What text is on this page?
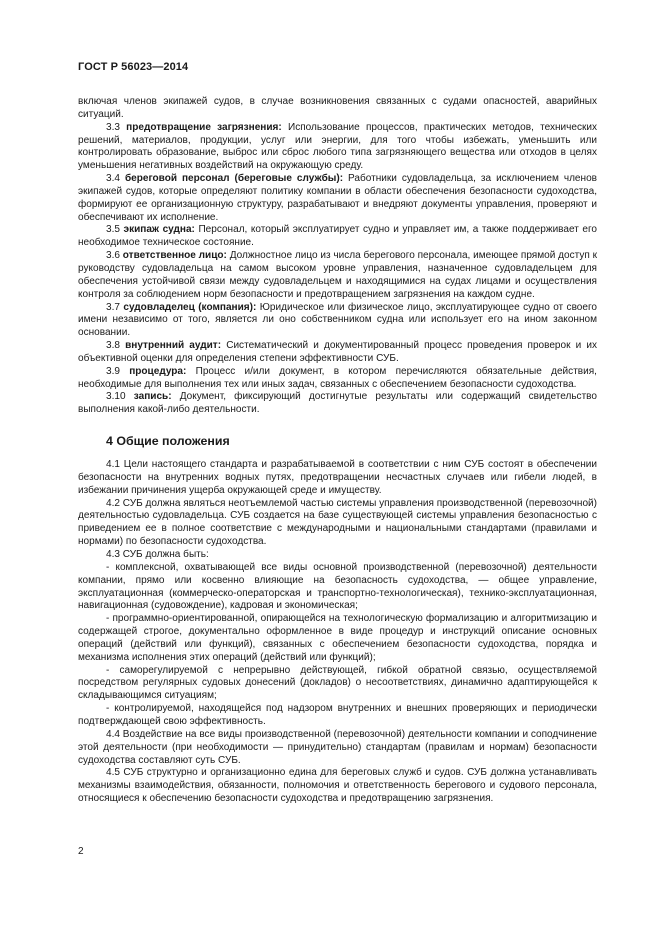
ГОСТ Р 56023—2014

включая членов экипажей судов, в случае возникновения связанных с судами опасностей, аварийных ситуаций.

3.3 предотвращение загрязнения: Использование процессов, практических методов, технических решений, материалов, продукции, услуг или энергии, для того чтобы избежать, уменьшить или контролировать образование, выброс или сброс любого типа загрязняющего вещества или отходов в целях уменьшения негативных воздействий на окружающую среду.

3.4 береговой персонал (береговые службы): Работники судовладельца, за исключением членов экипажей судов, которые определяют политику компании в области обеспечения безопасности судоходства, формируют ее организационную структуру, разрабатывают и внедряют документы управления, проверяют и обеспечивают их исполнение.

3.5 экипаж судна: Персонал, который эксплуатирует судно и управляет им, а также поддерживает его необходимое техническое состояние.

3.6 ответственное лицо: Должностное лицо из числа берегового персонала, имеющее прямой доступ к руководству судовладельца на самом высоком уровне управления, назначенное судовладельцем для обеспечения устойчивой связи между судовладельцем и находящимися на судах лицами и осуществления контроля за соблюдением норм безопасности и предотвращением загрязнения на каждом судне.

3.7 судовладелец (компания): Юридическое или физическое лицо, эксплуатирующее судно от своего имени независимо от того, является ли оно собственником судна или использует его на ином законном основании.

3.8 внутренний аудит: Систематический и документированный процесс проведения проверок и их объективной оценки для определения степени эффективности СУБ.

3.9 процедура: Процесс и/или документ, в котором перечисляются обязательные действия, необходимые для выполнения тех или иных задач, связанных с обеспечением безопасности судоходства.

3.10 запись: Документ, фиксирующий достигнутые результаты или содержащий свидетельство выполнения какой-либо деятельности.

4 Общие положения

4.1 Цели настоящего стандарта и разрабатываемой в соответствии с ним СУБ состоят в обеспечении безопасности на внутренних водных путях, предотвращении несчастных случаев или гибели людей, в избежании причинения ущерба окружающей среде и имуществу.

4.2 СУБ должна являться неотъемлемой частью системы управления производственной (перевозочной) деятельностью судовладельца. СУБ создается на базе существующей системы управления безопасностью с приведением ее в полное соответствие с международными и национальными стандартами (правилами и нормами) по безопасности судоходства.

4.3 СУБ должна быть:

- комплексной, охватывающей все виды основной производственной (перевозочной) деятельности компании, прямо или косвенно влияющие на безопасность судоходства, — общее управление, эксплуатационная (коммерческо-операторская и транспортно-технологическая), технико-эксплуатационная, навигационная (судовождение), кадровая и экономическая;

- программно-ориентированной, опирающейся на технологическую формализацию и алгоритмизацию и содержащей строгое, документально оформленное в виде процедур и инструкций описание основных операций (действий или функций), связанных с обеспечением безопасности судоходства, порядка и механизма исполнения этих операций (действий или функций);

- саморегулируемой с непрерывно действующей, гибкой обратной связью, осуществляемой посредством регулярных судовых донесений (докладов) о несоответствиях, динамично адаптирующейся к складывающимся ситуациям;

- контролируемой, находящейся под надзором внутренних и внешних проверяющих и периодически подтверждающей свою эффективность.

4.4 Воздействие на все виды производственной (перевозочной) деятельности компании и соподчинение этой деятельности (при необходимости — принудительно) стандартам (правилам и нормам) безопасности судоходства составляют суть СУБ.

4.5 СУБ структурно и организационно едина для береговых служб и судов. СУБ должна устанавливать механизмы взаимодействия, обязанности, полномочия и ответственность берегового и судового персонала, относящиеся к обеспечению безопасности судоходства и предотвращению загрязнения.

2
